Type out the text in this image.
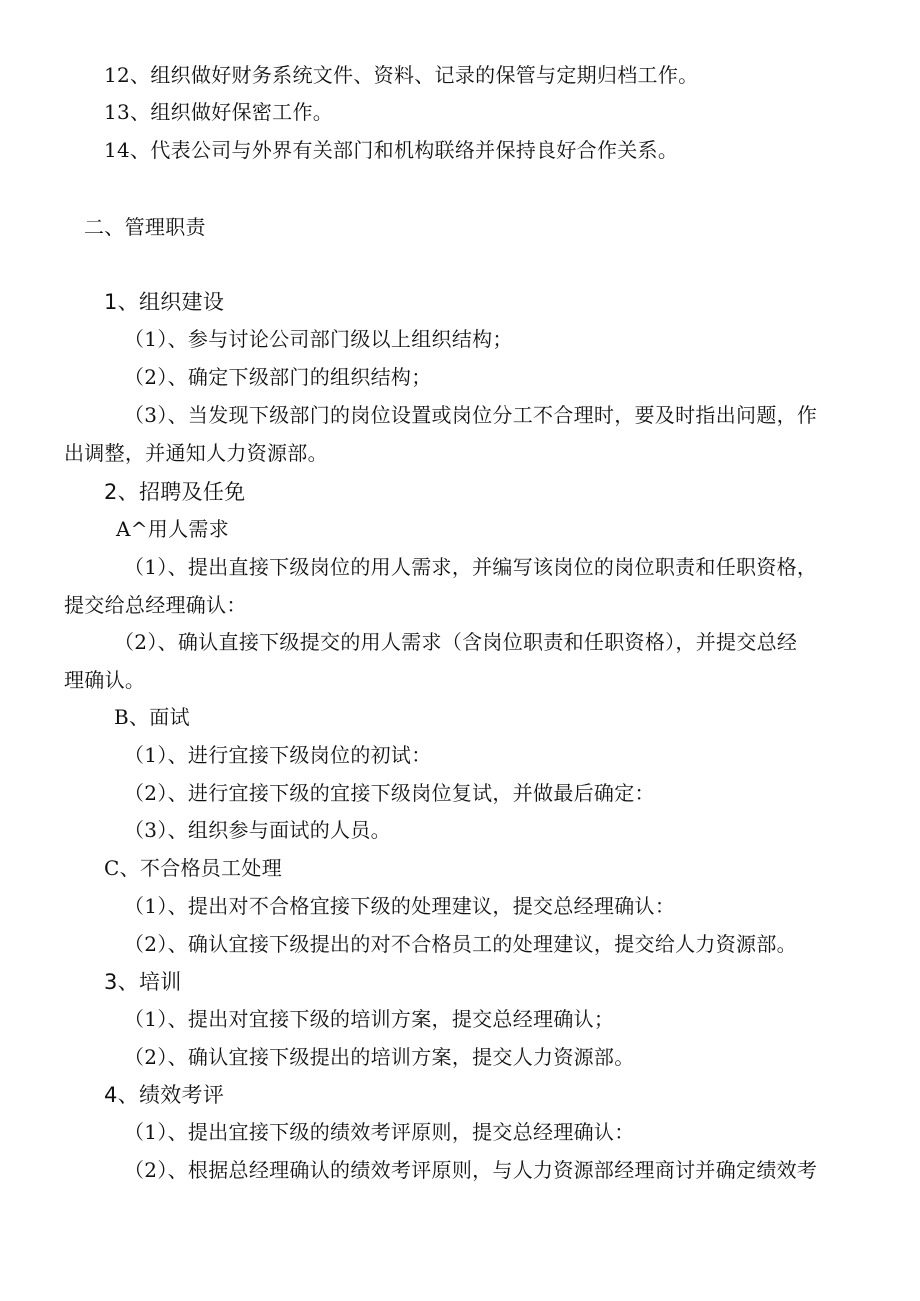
12、组织做好财务系统文件、资料、记录的保管与定期归档工作。
13、组织做好保密工作。
14、代表公司与外界有关部门和机构联络并保持良好合作关系。
二、管理职责
1、组织建设
（1）、参与讨论公司部门级以上组织结构；
（2）、确定下级部门的组织结构；
（3）、当发现下级部门的岗位设置或岗位分工不合理时，要及时指出问题，作
出调整，并通知人力资源部。
2、招聘及任免
A^用人需求
（1）、提出直接下级岗位的用人需求，并编写该岗位的岗位职责和任职资格，
提交给总经理确认：
（2）、确认直接下级提交的用人需求（含岗位职责和任职资格），并提交总经
理确认。
B、面试
（1）、进行宜接下级岗位的初试：
（2）、进行宜接下级的宜接下级岗位复试，并做最后确定：
（3）、组织参与面试的人员。
C、不合格员工处理
（1）、提出对不合格宜接下级的处理建议，提交总经理确认：
（2）、确认宜接下级提出的对不合格员工的处理建议，提交给人力资源部。
3、培训
（1）、提出对宜接下级的培训方案，提交总经理确认；
（2）、确认宜接下级提出的培训方案，提交人力资源部。
4、绩效考评
（1）、提出宜接下级的绩效考评原则，提交总经理确认：
（2）、根据总经理确认的绩效考评原则，与人力资源部经理商讨并确定绩效考
